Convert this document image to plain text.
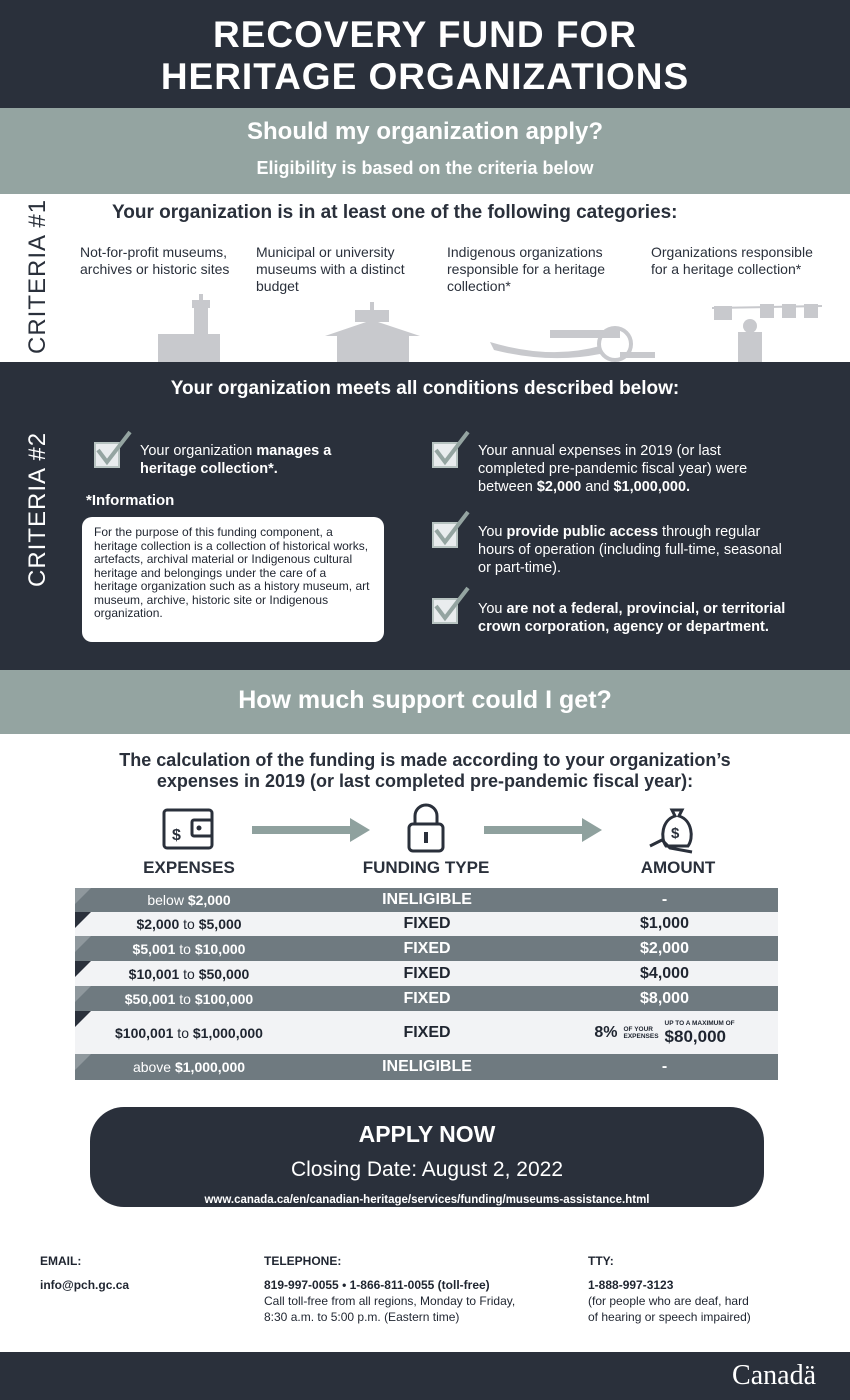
RECOVERY FUND FOR HERITAGE ORGANIZATIONS
Should my organization apply?
Eligibility is based on the criteria below
CRITERIA #1	Your organization is in at least one of the following categories:
Not-for-profit museums, archives or historic sites
Municipal or university museums with a distinct budget
Indigenous organizations responsible for a heritage collection*
Organizations responsible for a heritage collection*
CRITERIA #2
Your organization meets all conditions described below:
Your organization manages a heritage collection*.
*Information
For the purpose of this funding component, a heritage collection is a collection of historical works, artefacts, archival material or Indigenous cultural heritage and belongings under the care of a heritage organization such as a history museum, art museum, archive, historic site or Indigenous organization.
Your annual expenses in 2019 (or last completed pre-pandemic fiscal year) were between $2,000 and $1,000,000.
You provide public access through regular hours of operation (including full-time, seasonal or part-time).
You are not a federal, provincial, or territorial crown corporation, agency or department.
How much support could I get?
The calculation of the funding is made according to your organization’s expenses in 2019 (or last completed pre-pandemic fiscal year):
$	$
EXPENSES	FUNDING TYPE	AMOUNT
below $2,000	INELIGIBLE	-
$2,000 to $5,000	FIXED	$1,000
$5,001 to $10,000	FIXED	$2,000
$10,001 to $50,000	FIXED	$4,000
$50,001 to $100,000	FIXED	$8,000
$100,001 to $1,000,000	FIXED	8% OF YOUR
EXPENSES
UP TO A MAXIMUM OF
$80,000
above $1,000,000	INELIGIBLE	-
APPLY NOW
Closing Date: August 2, 2022
www.canada.ca/en/canadian-heritage/services/funding/museums-assistance.html
EMAIL:
info@pch.gc.ca
TELEPHONE:
819-997-0055 • 1-866-811-0055 (toll-free)
Call toll-free from all regions, Monday to Friday,
8:30 a.m. to 5:00 p.m. (Eastern time)
TTY:
1-888-997-3123
(for people who are deaf, hard
of hearing or speech impaired)
Canadä
